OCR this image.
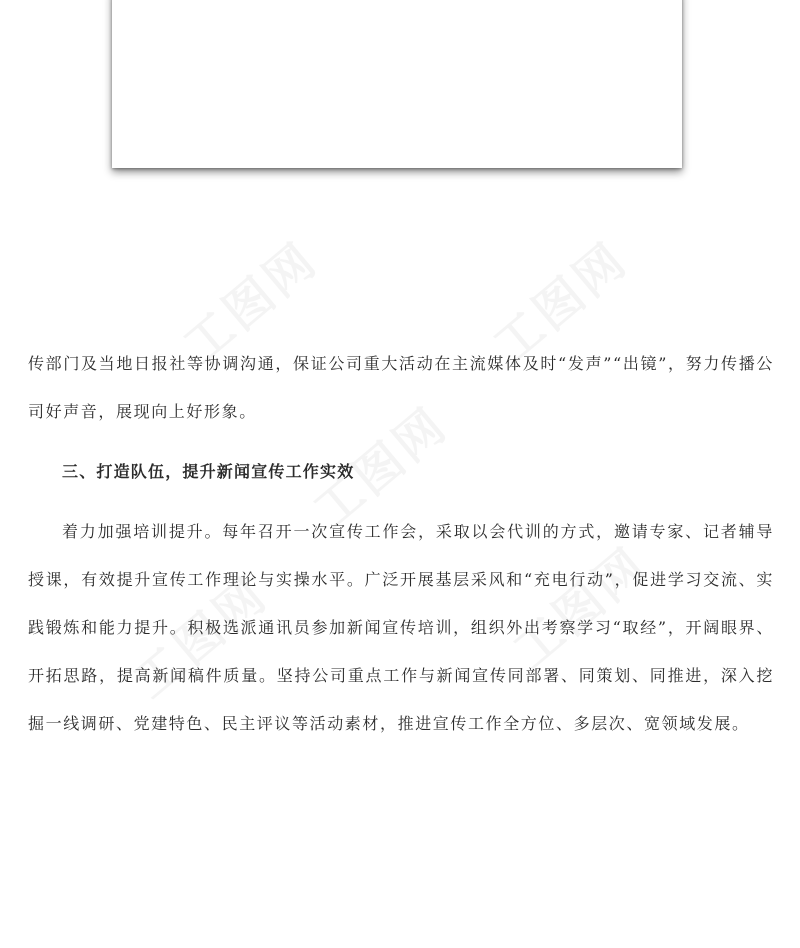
传部门及当地日报社等协调沟通，保证公司重大活动在主流媒体及时“发声”“出镜”，努力传播公司好声音，展现向上好形象。

三、打造队伍，提升新闻宣传工作实效

着力加强培训提升。每年召开一次宣传工作会，采取以会代训的方式，邀请专家、记者辅导授课，有效提升宣传工作理论与实操水平。广泛开展基层采风和“充电行动”，促进学习交流、实践锻炼和能力提升。积极选派通讯员参加新闻宣传培训，组织外出考察学习“取经”，开阔眼界、开拓思路，提高新闻稿件质量。坚持公司重点工作与新闻宣传同部署、同策划、同推进，深入挖掘一线调研、党建特色、民主评议等活动素材，推进宣传工作全方位、多层次、宽领域发展。
